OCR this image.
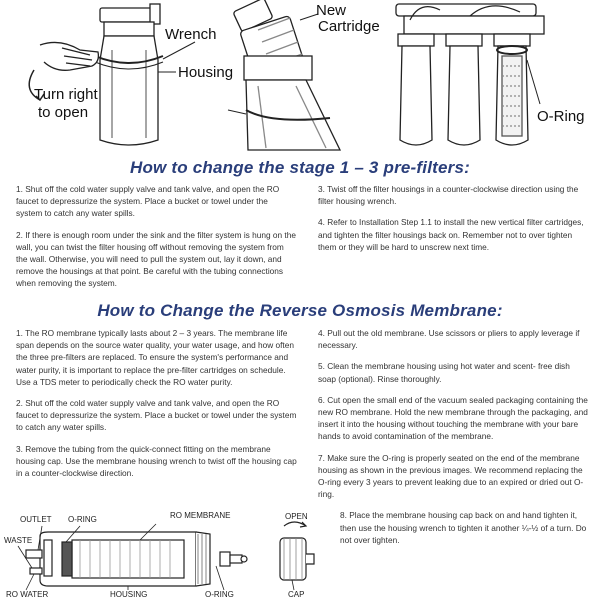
Wrench
Housing
Turn right
to open
New
Cartridge
O-Ring
How to change the stage 1 – 3 pre-filters:

1. Shut off the cold water supply valve and tank valve, and open the RO faucet to depressurize the system. Place a bucket or towel under the system to catch any water spills.

2. If there is enough room under the sink and the filter system is hung on the wall, you can twist the filter housing off without removing the system from the wall. Otherwise, you will need to pull the system out, lay it down, and remove the housings at that point. Be careful with the tubing connections when removing the system.

3. Twist off the filter housings in a counter-clockwise direction using the filter housing wrench.

4. Refer to Installation Step 1.1 to install the new vertical filter cartridges, and tighten the filter housings back on. Remember not to over tighten them or they will be hard to unscrew next time.

How to Change the Reverse Osmosis Membrane:

1. The RO membrane typically lasts about 2 – 3 years. The membrane life span depends on the source water quality, your water usage, and how often the three pre-filters are replaced. To ensure the system's performance and water purity, it is important to replace the pre-filter cartridges on schedule. Use a TDS meter to periodically check the RO water purity.

2. Shut off the cold water supply valve and tank valve, and open the RO faucet to depressurize the system. Place a bucket or towel under the system to catch any water spills.

3. Remove the tubing from the quick-connect fitting on the membrane housing cap. Use the membrane housing wrench to twist off the housing cap in a counter-clockwise direction.

4. Pull out the old membrane. Use scissors or pliers to apply leverage if necessary.

5. Clean the membrane housing using hot water and scent- free dish soap (optional). Rinse thoroughly.

6. Cut open the small end of the vacuum sealed packaging containing the new RO membrane. Hold the new membrane through the packaging, and insert it into the housing without touching the membrane with your bare hands to avoid contamination of the membrane.

7. Make sure the O-ring is properly seated on the end of the membrane housing as shown in the previous images. We recommend replacing the O-ring every 3 years to prevent leaking due to an expired or dried out O-ring.

8. Place the membrane housing cap back on and hand tighten it, then use the housing wrench to tighten it another ¼-½ of a turn. Do not over tighten.

OUTLET O-RING	RO MEMBRANE	OPEN
WASTE
RO WATER	HOUSING	O-RING	CAP
